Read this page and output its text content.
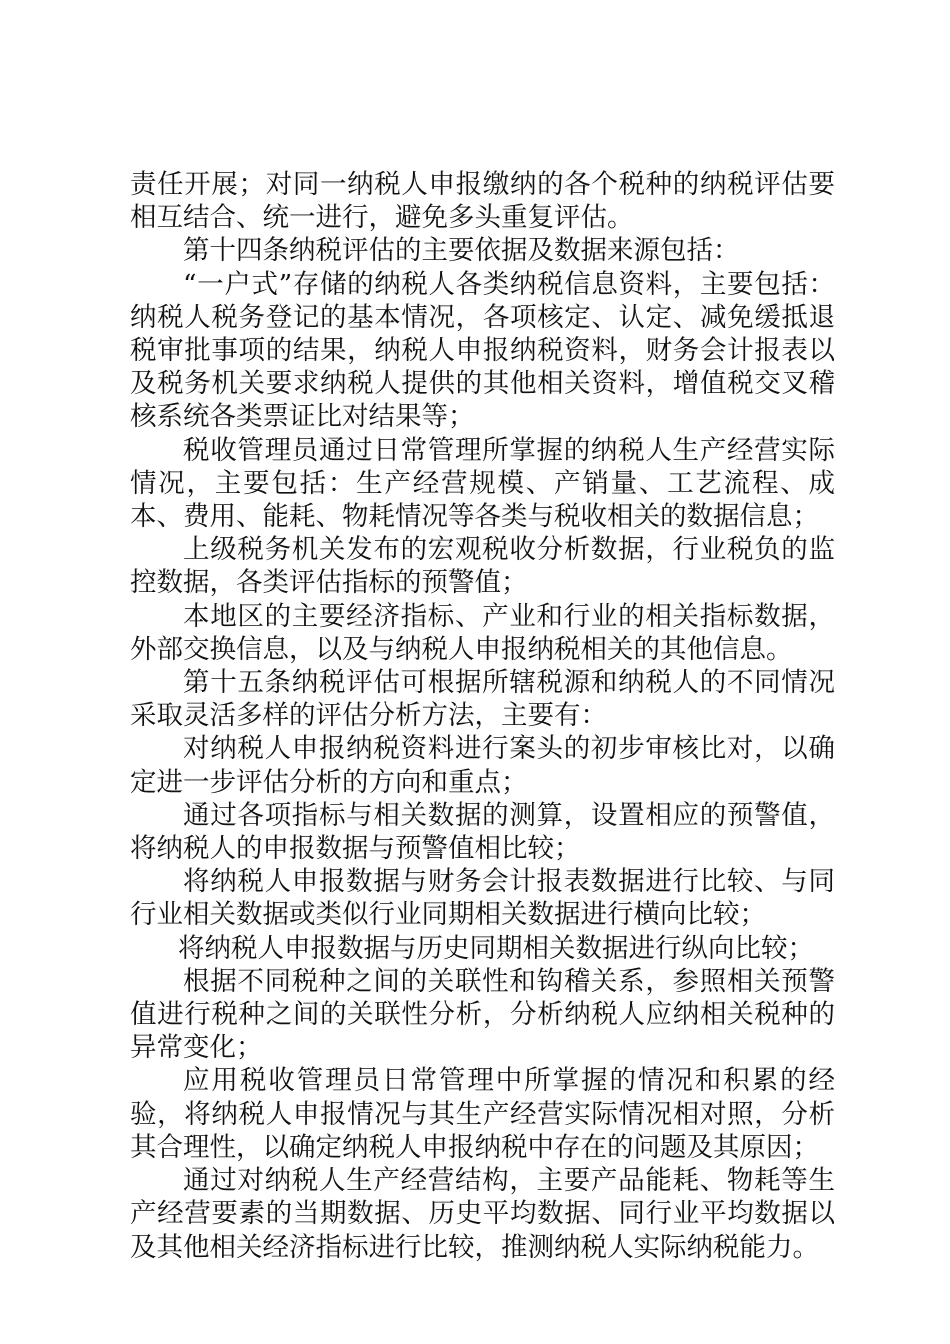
责任开展；对同一纳税人申报缴纳的各个税种的纳税评估要相互结合、统一进行，避免多头重复评估。

第十四条纳税评估的主要依据及数据来源包括：

“一户式”存储的纳税人各类纳税信息资料，主要包括：纳税人税务登记的基本情况，各项核定、认定、减免缓抵退税审批事项的结果，纳税人申报纳税资料，财务会计报表以及税务机关要求纳税人提供的其他相关资料，增值税交叉稽核系统各类票证比对结果等；

税收管理员通过日常管理所掌握的纳税人生产经营实际情况，主要包括：生产经营规模、产销量、工艺流程、成本、费用、能耗、物耗情况等各类与税收相关的数据信息；

上级税务机关发布的宏观税收分析数据，行业税负的监控数据，各类评估指标的预警值；

本地区的主要经济指标、产业和行业的相关指标数据，外部交换信息，以及与纳税人申报纳税相关的其他信息。

第十五条纳税评估可根据所辖税源和纳税人的不同情况采取灵活多样的评估分析方法，主要有：

对纳税人申报纳税资料进行案头的初步审核比对，以确定进一步评估分析的方向和重点；

通过各项指标与相关数据的测算，设置相应的预警值，将纳税人的申报数据与预警值相比较；

将纳税人申报数据与财务会计报表数据进行比较、与同行业相关数据或类似行业同期相关数据进行横向比较；

将纳税人申报数据与历史同期相关数据进行纵向比较；

根据不同税种之间的关联性和钩稽关系，参照相关预警值进行税种之间的关联性分析，分析纳税人应纳相关税种的异常变化；

应用税收管理员日常管理中所掌握的情况和积累的经验，将纳税人申报情况与其生产经营实际情况相对照，分析其合理性，以确定纳税人申报纳税中存在的问题及其原因；

通过对纳税人生产经营结构，主要产品能耗、物耗等生产经营要素的当期数据、历史平均数据、同行业平均数据以及其他相关经济指标进行比较，推测纳税人实际纳税能力。
